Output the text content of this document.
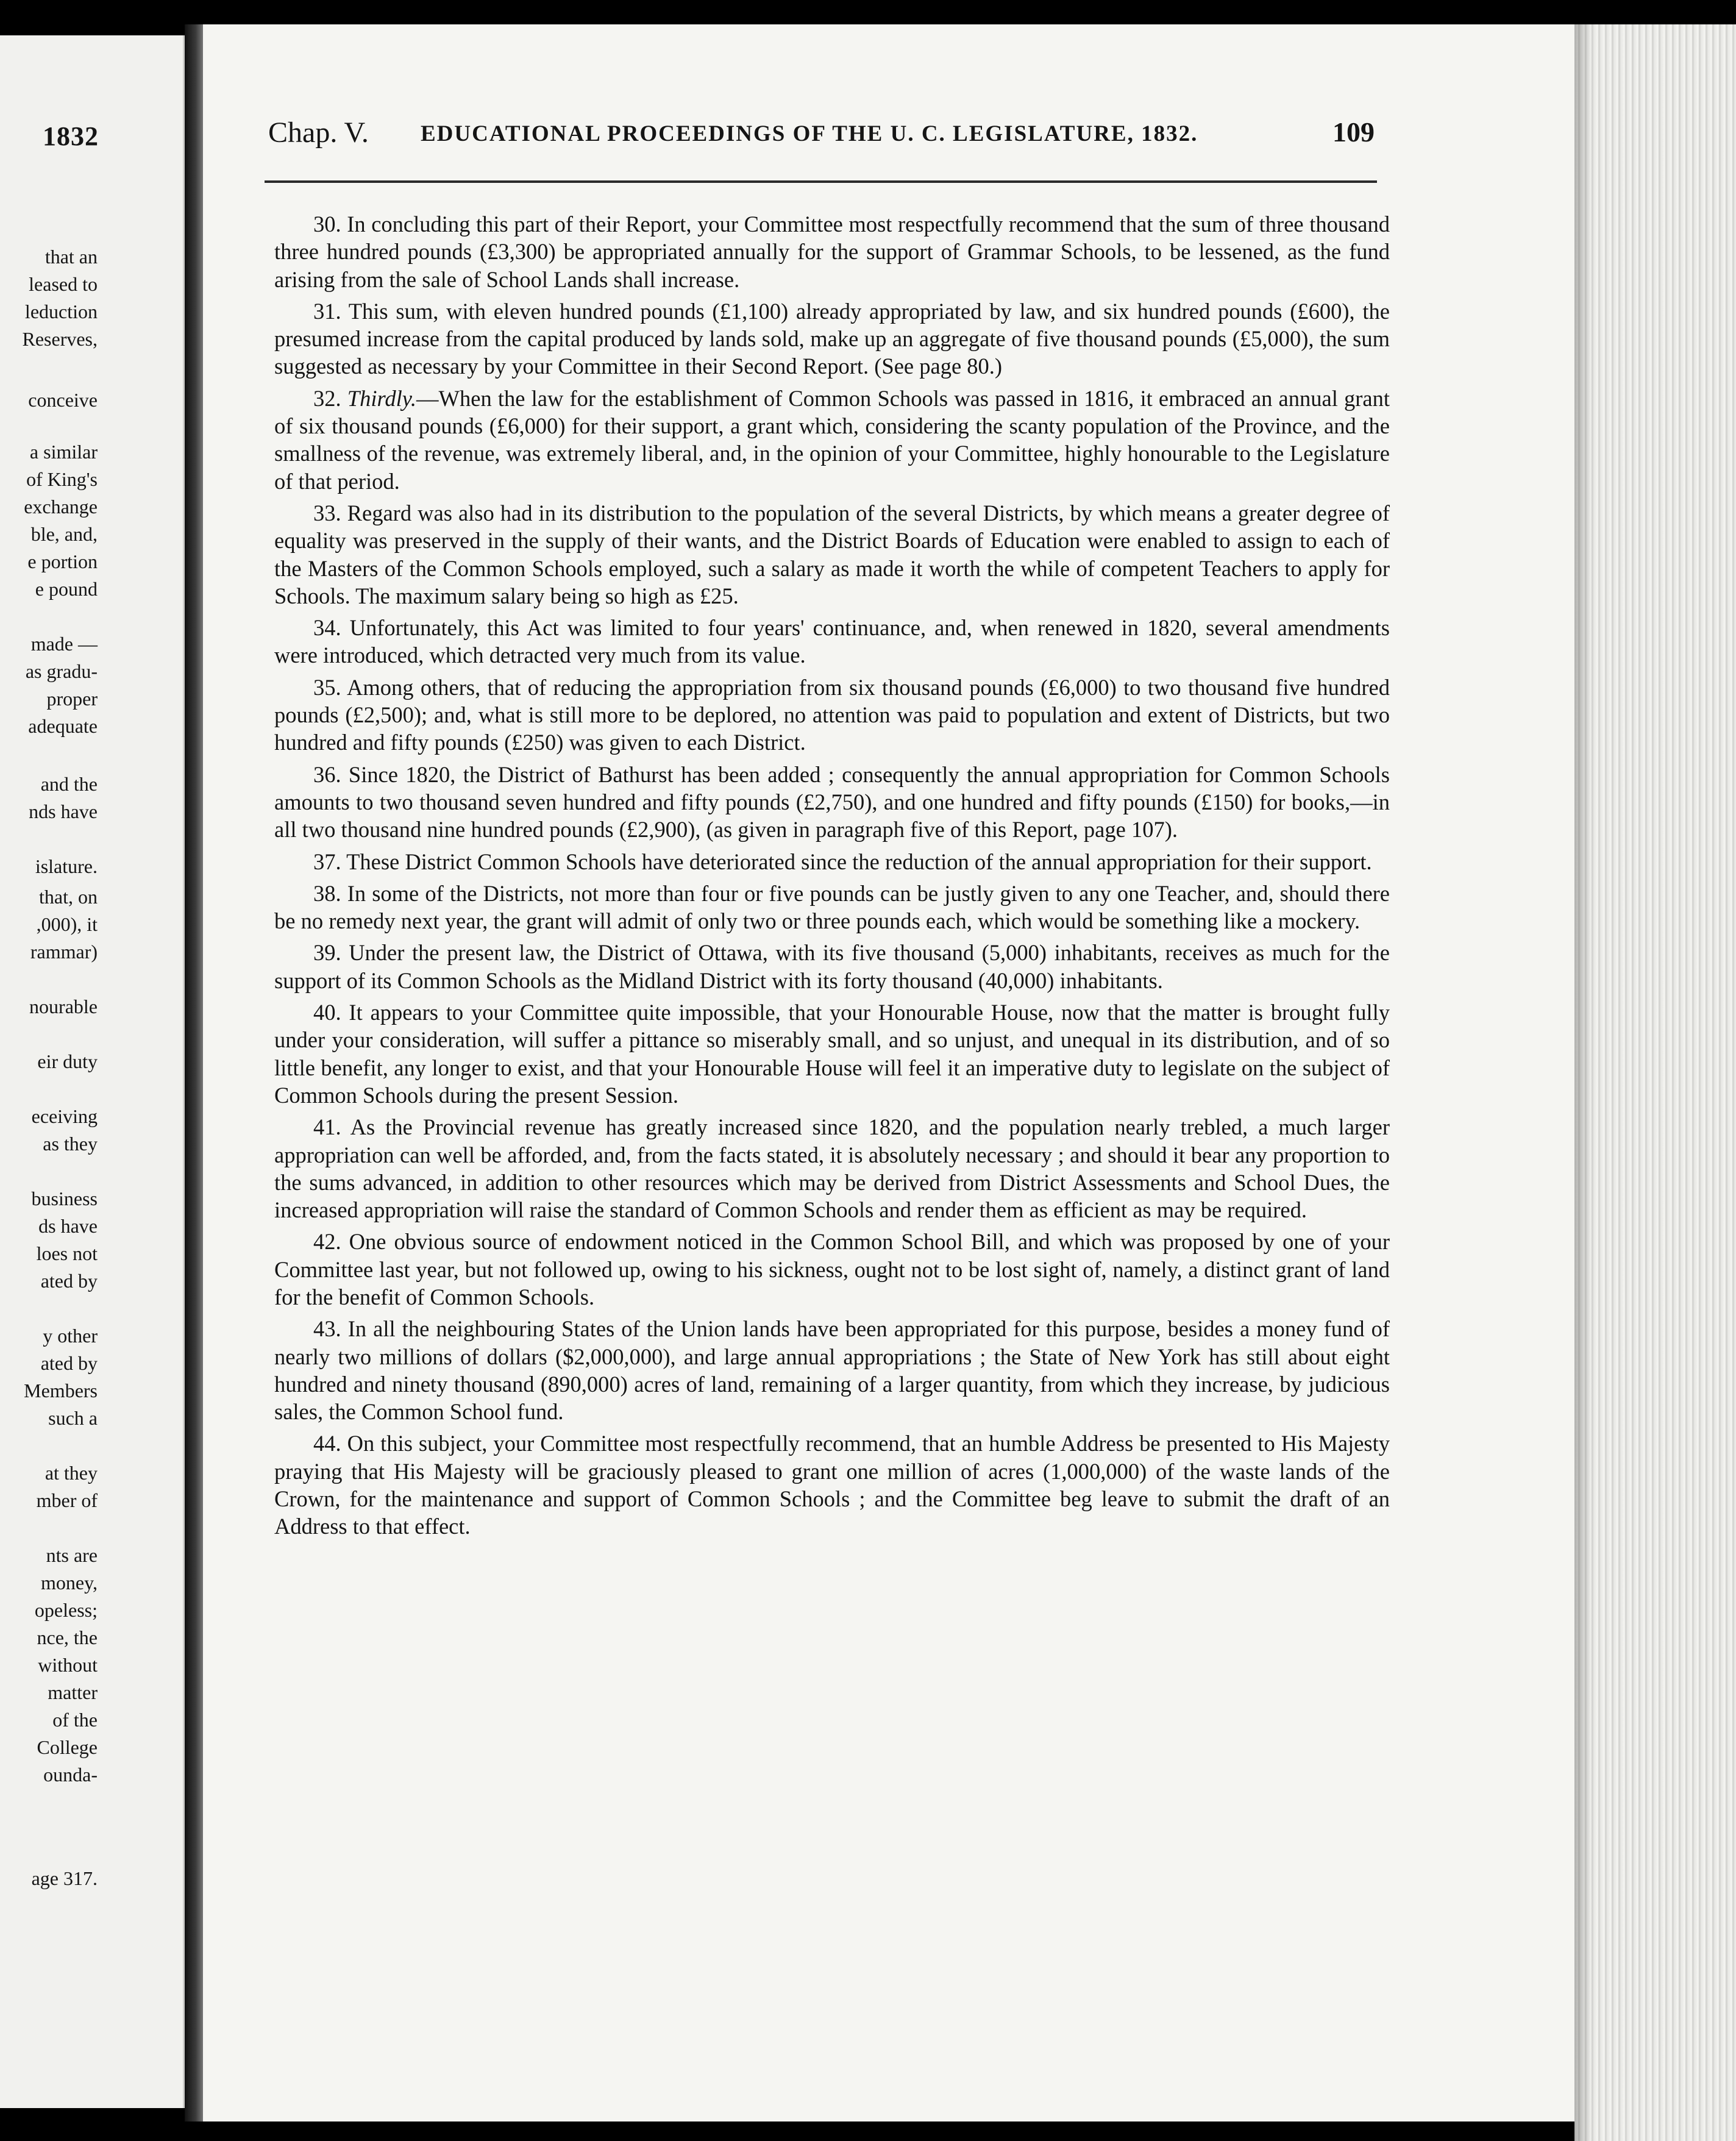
1832
that an
leased to
leduction
Reserves,
conceive
a similar
of King's
exchange
ble, and,
e portion
e pound
made —
as gradu-
proper
adequate
and the
nds have
islature.
that, on
,000), it
rammar)
nourable
eir duty
eceiving
as they
business
ds have
loes not
ated by
y other
ated by
Members
such a
at they
mber of
nts are
money,
opeless;
nce, the
without
matter
of the
College
ounda-
age 317.
Chap. V. EDUCATIONAL PROCEEDINGS OF THE U. C. LEGISLATURE, 1832.	109

30. In concluding this part of their Report, your Committee most respectfully recommend that the sum of three thousand three hundred pounds (£3,300) be appropriated annually for the support of Grammar Schools, to be lessened, as the fund arising from the sale of School Lands shall increase.

31. This sum, with eleven hundred pounds (£1,100) already appropriated by law, and six hundred pounds (£600), the presumed increase from the capital produced by lands sold, make up an aggregate of five thousand pounds (£5,000), the sum suggested as necessary by your Committee in their Second Report. (See page 80.)

32. Thirdly.—When the law for the establishment of Common Schools was passed in 1816, it embraced an annual grant of six thousand pounds (£6,000) for their support, a grant which, considering the scanty population of the Province, and the smallness of the revenue, was extremely liberal, and, in the opinion of your Committee, highly honourable to the Legislature of that period.

33. Regard was also had in its distribution to the population of the several Districts, by which means a greater degree of equality was preserved in the supply of their wants, and the District Boards of Education were enabled to assign to each of the Masters of the Common Schools employed, such a salary as made it worth the while of competent Teachers to apply for Schools. The maximum salary being so high as £25.

34. Unfortunately, this Act was limited to four years' continuance, and, when renewed in 1820, several amendments were introduced, which detracted very much from its value.

35. Among others, that of reducing the appropriation from six thousand pounds (£6,000) to two thousand five hundred pounds (£2,500); and, what is still more to be deplored, no attention was paid to population and extent of Districts, but two hundred and fifty pounds (£250) was given to each District.

36. Since 1820, the District of Bathurst has been added ; consequently the annual appropriation for Common Schools amounts to two thousand seven hundred and fifty pounds (£2,750), and one hundred and fifty pounds (£150) for books,—in all two thousand nine hundred pounds (£2,900), (as given in paragraph five of this Report, page 107).

37. These District Common Schools have deteriorated since the reduction of the annual appropriation for their support.

38. In some of the Districts, not more than four or five pounds can be justly given to any one Teacher, and, should there be no remedy next year, the grant will admit of only two or three pounds each, which would be something like a mockery.

39. Under the present law, the District of Ottawa, with its five thousand (5,000) inhabitants, receives as much for the support of its Common Schools as the Midland District with its forty thousand (40,000) inhabitants.

40. It appears to your Committee quite impossible, that your Honourable House, now that the matter is brought fully under your consideration, will suffer a pittance so miserably small, and so unjust, and unequal in its distribution, and of so little benefit, any longer to exist, and that your Honourable House will feel it an imperative duty to legislate on the subject of Common Schools during the present Session.

41. As the Provincial revenue has greatly increased since 1820, and the population nearly trebled, a much larger appropriation can well be afforded, and, from the facts stated, it is absolutely necessary ; and should it bear any proportion to the sums advanced, in addition to other resources which may be derived from District Assessments and School Dues, the increased appropriation will raise the standard of Common Schools and render them as efficient as may be required.

42. One obvious source of endowment noticed in the Common School Bill, and which was proposed by one of your Committee last year, but not followed up, owing to his sickness, ought not to be lost sight of, namely, a distinct grant of land for the benefit of Common Schools.

43. In all the neighbouring States of the Union lands have been appropriated for this purpose, besides a money fund of nearly two millions of dollars ($2,000,000), and large annual appropriations ; the State of New York has still about eight hundred and ninety thousand (890,000) acres of land, remaining of a larger quantity, from which they increase, by judicious sales, the Common School fund.

44. On this subject, your Committee most respectfully recommend, that an humble Address be presented to His Majesty praying that His Majesty will be graciously pleased to grant one million of acres (1,000,000) of the waste lands of the Crown, for the maintenance and support of Common Schools ; and the Committee beg leave to submit the draft of an Address to that effect.
